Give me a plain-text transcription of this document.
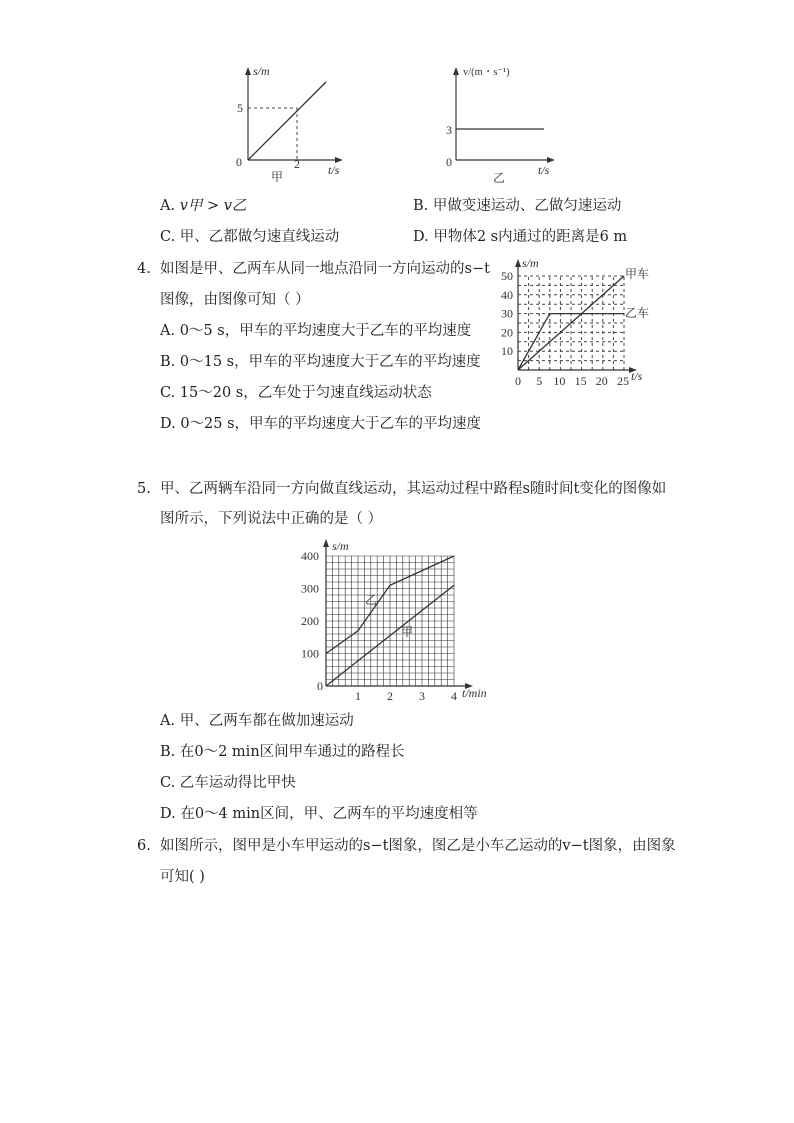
s/m
t/s
0
5
2
甲
v/(m・s⁻¹)
t/s
0
3
乙
A. v甲 > v乙	B. 甲做变速运动、乙做匀速运动
C. 甲、乙都做匀速直线运动	D. 甲物体2 s内通过的距离是6 m
4. 如图是甲、乙两车从同一地点沿同一方向运动的s−t
图像，由图像可知（ ）
A. 0～5 s，甲车的平均速度大于乙车的平均速度
B. 0～15 s，甲车的平均速度大于乙车的平均速度
C. 15～20 s，乙车处于匀速直线运动状态
D. 0～25 s，甲车的平均速度大于乙车的平均速度
s/m
t/s
0 5 10 15 20 25
10
20
30
40
50	甲车
乙车
5. 甲、乙两辆车沿同一方向做直线运动，其运动过程中路程s随时间t变化的图像如
图所示，下列说法中正确的是（ ）
s/m
t/min
0
1 2 3 4
100
200
300
400
乙
甲
A. 甲、乙两车都在做加速运动
B. 在0～2 min区间甲车通过的路程长
C. 乙车运动得比甲快
D. 在0～4 min区间，甲、乙两车的平均速度相等
6. 如图所示，图甲是小车甲运动的s−t图象，图乙是小车乙运动的v−t图象，由图象
可知( )
